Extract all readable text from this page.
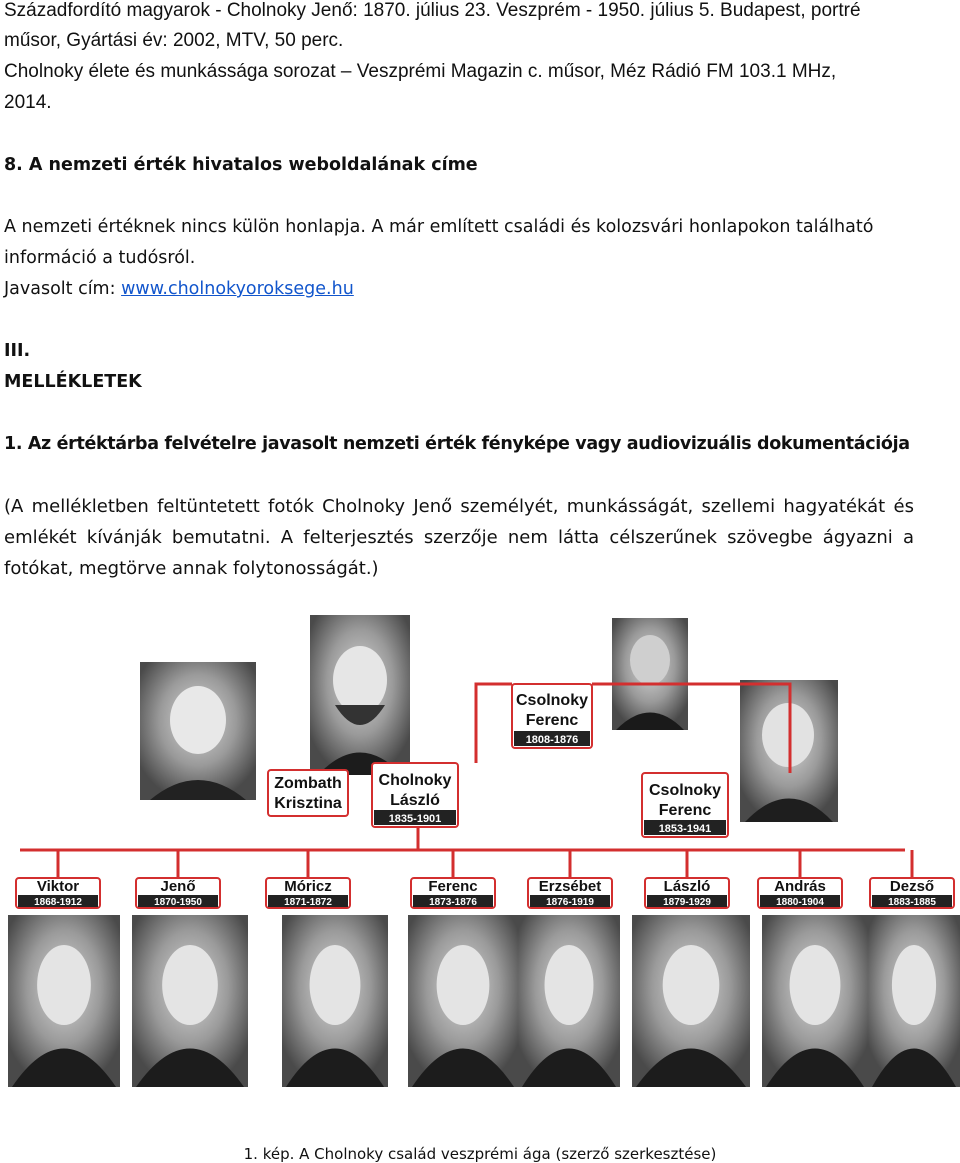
Századfordító magyarok - Cholnoky Jenő: 1870. július 23. Veszprém - 1950. július 5. Budapest, portré

műsor, Gyártási év: 2002, MTV, 50 perc.

Cholnoky élete és munkássága sorozat – Veszprémi Magazin c. műsor, Méz Rádió FM 103.1 MHz,

2014.

8. A nemzeti érték hivatalos weboldalának címe

A nemzeti értéknek nincs külön honlapja. A már említett családi és kolozsvári honlapokon található

információ a tudósról.

Javasolt cím: www.cholnokyoroksege.hu

III.

MELLÉKLETEK

1. Az értéktárba felvételre javasolt nemzeti érték fényképe vagy audiovizuális dokumentációja

(A mellékletben feltüntetett fotók Cholnoky Jenő személyét, munkásságát, szellemi hagyatékát és emlékét kívánják bemutatni. A felterjesztés szerzője nem látta célszerűnek szövegbe ágyazni a fotókat, megtörve annak folytonosságát.)

Csolnoky
Ferenc
1808-1876
Zombath
Krisztina
Cholnoky
László
1835-1901
Csolnoky
Ferenc
1853-1941
Viktor
1868-1912
Jenő
1870-1950
Móricz
1871-1872
Ferenc
1873-1876
Erzsébet
1876-1919
László
1879-1929
András
1880-1904
Dezső
1883-1885

1. kép. A Cholnoky család veszprémi ága (szerző szerkesztése)
